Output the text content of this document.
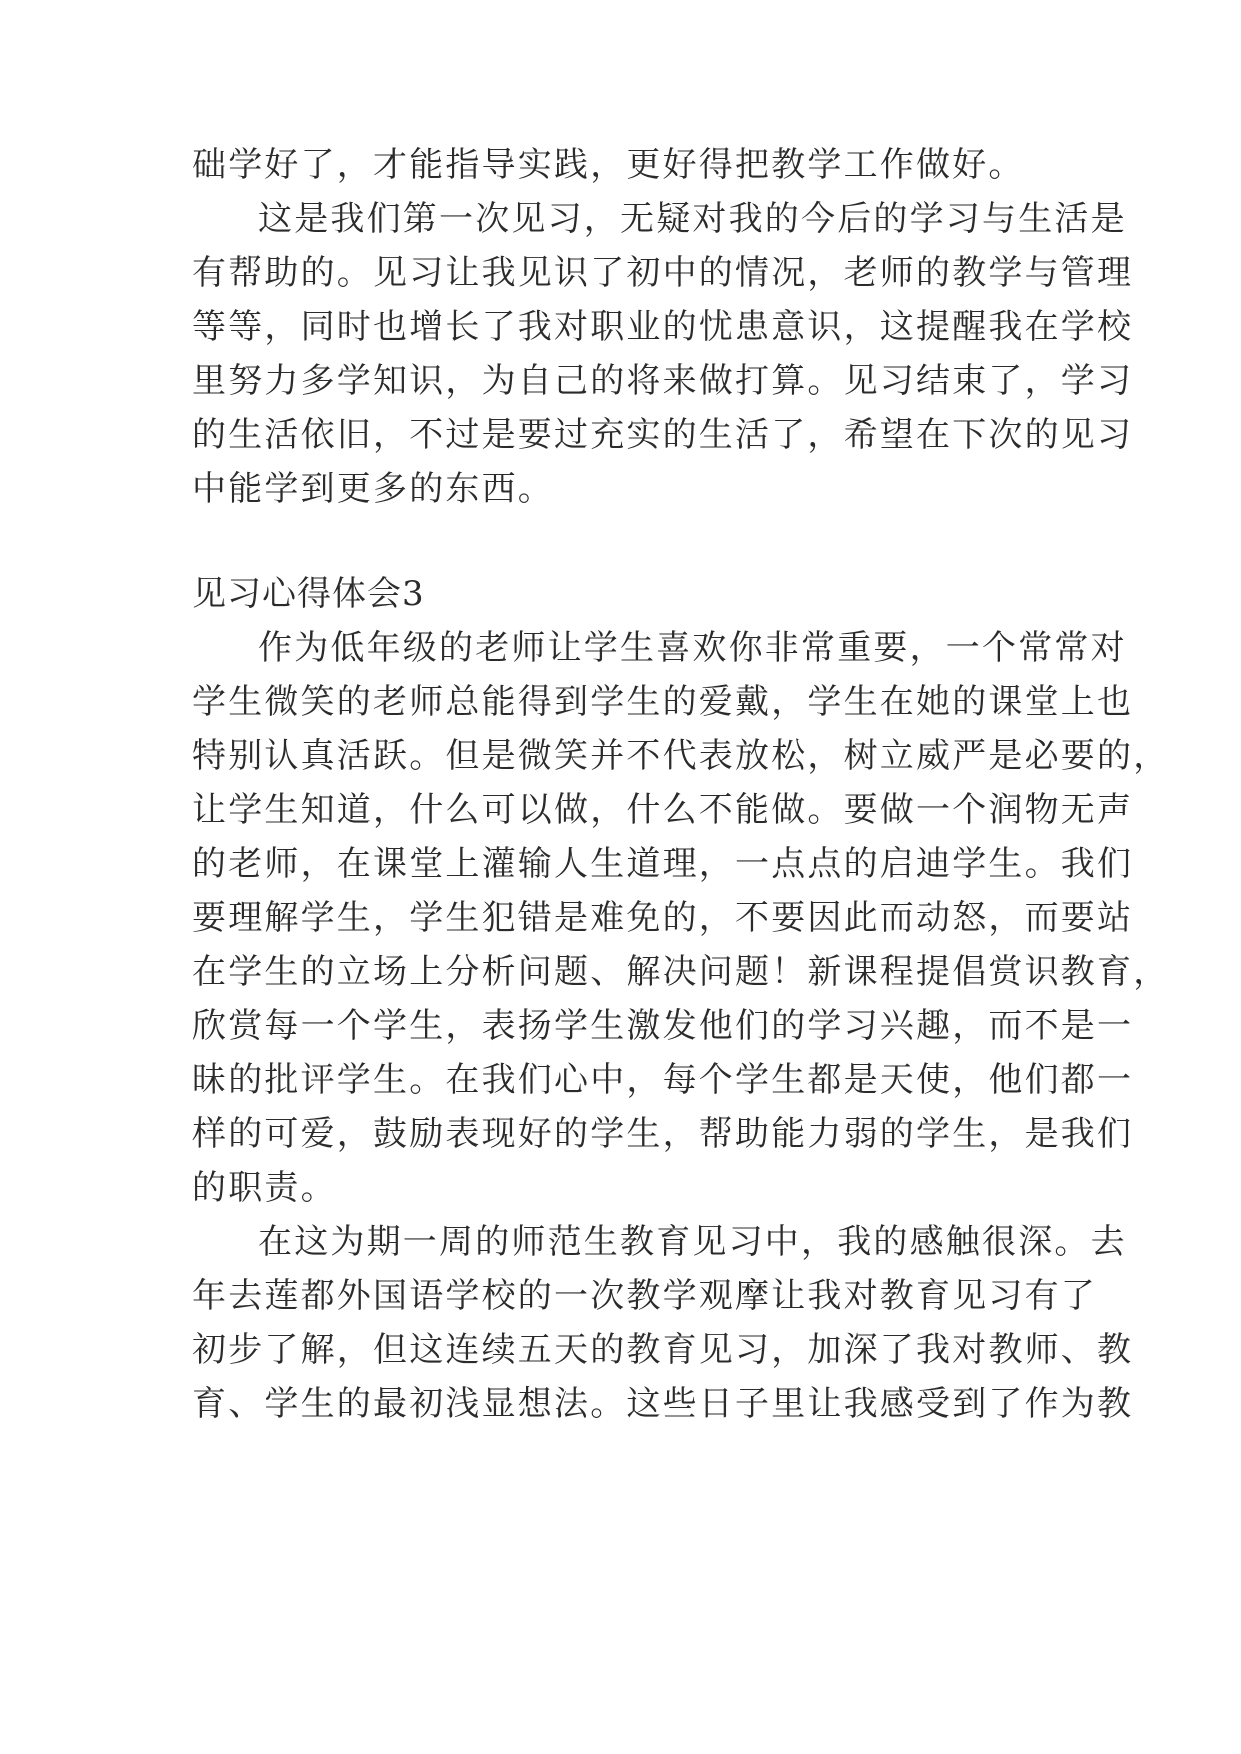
础学好了，才能指导实践，更好得把教学工作做好。
这是我们第一次见习，无疑对我的今后的学习与生活是
有帮助的。见习让我见识了初中的情况，老师的教学与管理
等等，同时也增长了我对职业的忧患意识，这提醒我在学校
里努力多学知识，为自己的将来做打算。见习结束了，学习
的生活依旧，不过是要过充实的生活了，希望在下次的见习
中能学到更多的东西。
见习心得体会3
作为低年级的老师让学生喜欢你非常重要，一个常常对
学生微笑的老师总能得到学生的爱戴，学生在她的课堂上也
特别认真活跃。但是微笑并不代表放松，树立威严是必要的，
让学生知道，什么可以做，什么不能做。要做一个润物无声
的老师，在课堂上灌输人生道理，一点点的启迪学生。我们
要理解学生，学生犯错是难免的，不要因此而动怒，而要站
在学生的立场上分析问题、解决问题！新课程提倡赏识教育，
欣赏每一个学生，表扬学生激发他们的学习兴趣，而不是一
昧的批评学生。在我们心中，每个学生都是天使，他们都一
样的可爱，鼓励表现好的学生，帮助能力弱的学生，是我们
的职责。
在这为期一周的师范生教育见习中，我的感触很深。去
年去莲都外国语学校的一次教学观摩让我对教育见习有了
初步了解，但这连续五天的教育见习，加深了我对教师、教
育、学生的最初浅显想法。这些日子里让我感受到了作为教
